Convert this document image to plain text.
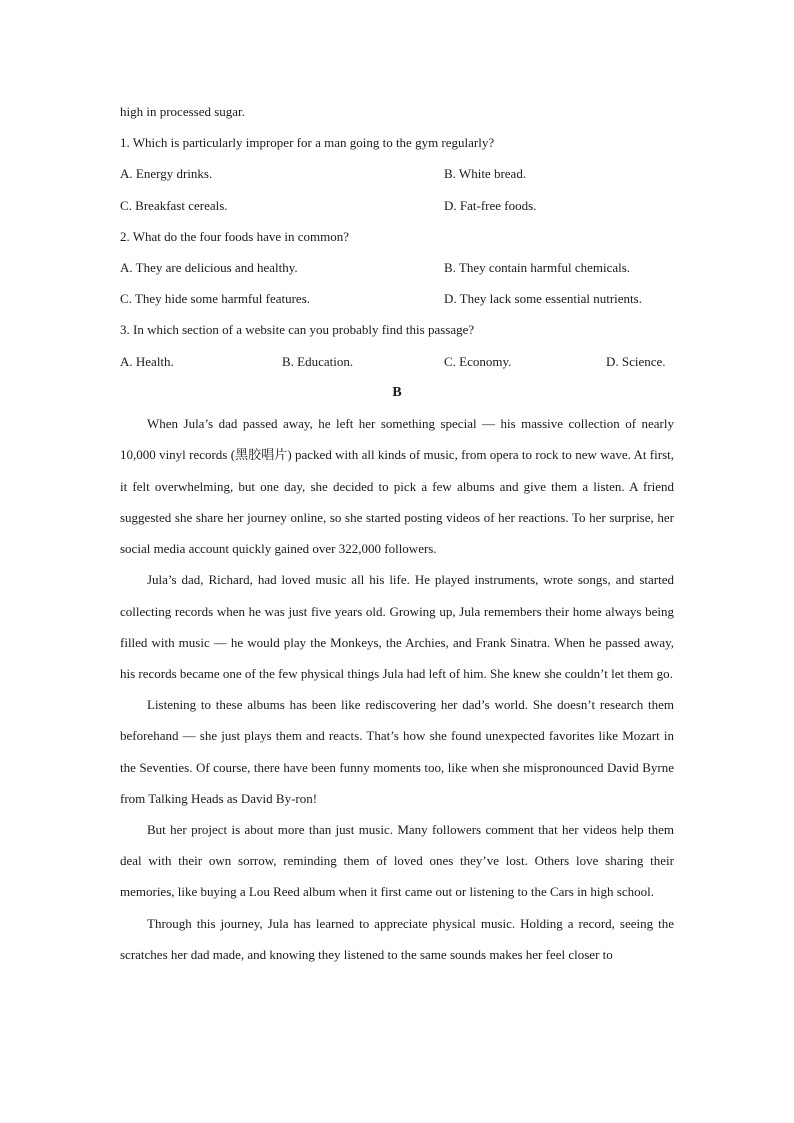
high in processed sugar.
1. Which is particularly improper for a man going to the gym regularly?
A. Energy drinks.	B. White bread.
C. Breakfast cereals.	D. Fat-free foods.
2. What do the four foods have in common?
A. They are delicious and healthy.	B. They contain harmful chemicals.
C. They hide some harmful features.	D. They lack some essential nutrients.
3. In which section of a website can you probably find this passage?
A. Health.	B. Education.	C. Economy.	D. Science.
B

When Jula’s dad passed away, he left her something special — his massive collection of nearly 10,000 vinyl records (黑胶唱片) packed with all kinds of music, from opera to rock to new wave. At first, it felt overwhelming, but one day, she decided to pick a few albums and give them a listen. A friend suggested she share her journey online, so she started posting videos of her reactions. To her surprise, her social media account quickly gained over 322,000 followers.

Jula’s dad, Richard, had loved music all his life. He played instruments, wrote songs, and started collecting records when he was just five years old. Growing up, Jula remembers their home always being filled with music — he would play the Monkeys, the Archies, and Frank Sinatra. When he passed away, his records became one of the few physical things Jula had left of him. She knew she couldn’t let them go.

Listening to these albums has been like rediscovering her dad’s world. She doesn’t research them beforehand — she just plays them and reacts. That’s how she found unexpected favorites like Mozart in the Seventies. Of course, there have been funny moments too, like when she mispronounced David Byrne from Talking Heads as David By-ron!

But her project is about more than just music. Many followers comment that her videos help them deal with their own sorrow, reminding them of loved ones they’ve lost. Others love sharing their memories, like buying a Lou Reed album when it first came out or listening to the Cars in high school.

Through this journey, Jula has learned to appreciate physical music. Holding a record, seeing the scratches her dad made, and knowing they listened to the same sounds makes her feel closer to
